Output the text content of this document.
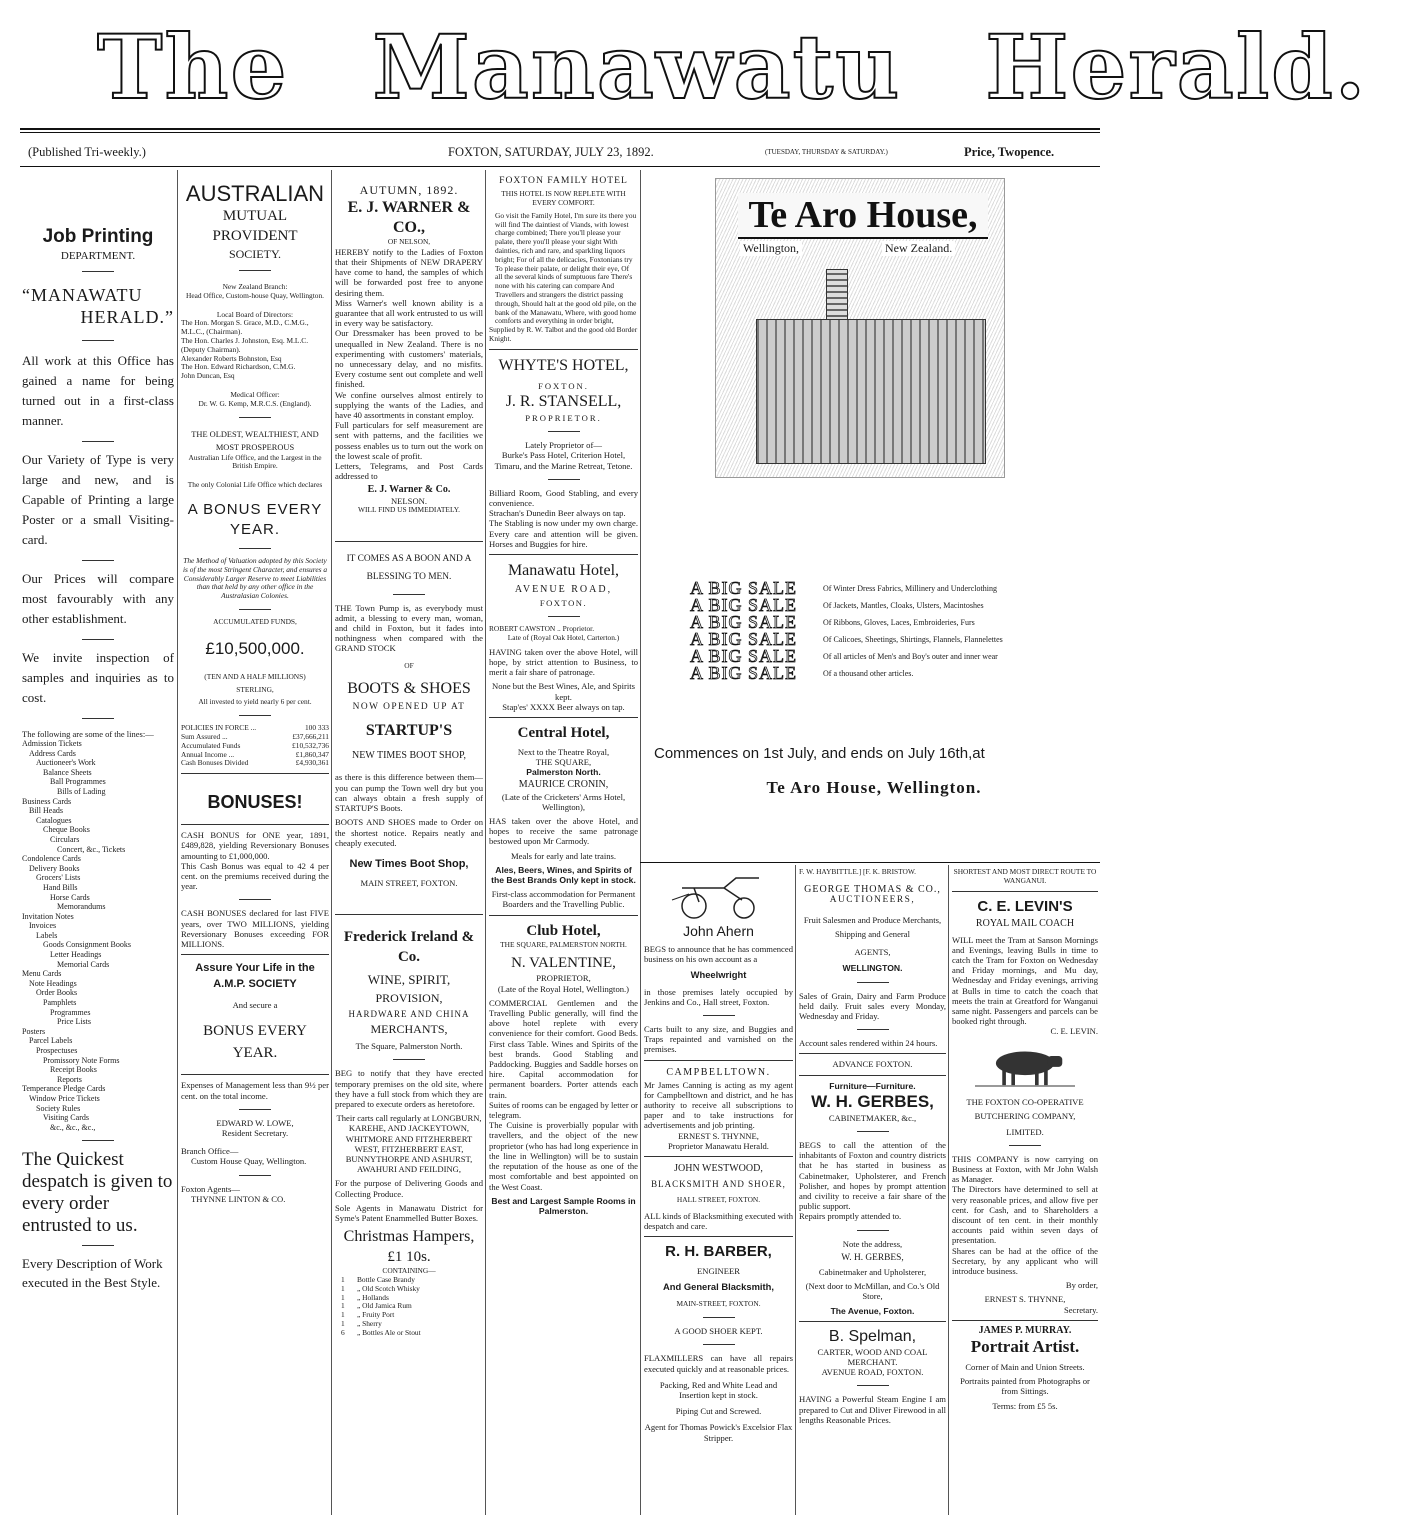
The Manawatu Herald.
(Published Tri-weekly.)	FOXTON, SATURDAY, JULY 23, 1892.	(TUESDAY, THURSDAY & SATURDAY.)	Price, Twopence.
Job Printing
DEPARTMENT.
“MANAWATU
HERALD.”

All work at this Office has gained a name for being turned out in a first-class manner.

Our Variety of Type is very large and new, and is Capable of Printing a large Poster or a small Visiting-card.

Our Prices will compare most favourably with any other establishment.

We invite inspection of samples and inquiries as to cost.

The following are some of the lines:—
Admission Tickets
Address Cards
Auctioneer's Work
Balance Sheets
Ball Programmes
Bills of Lading
Business Cards
Bill Heads
Catalogues
Cheque Books
Circulars
Concert, &c., Tickets
Condolence Cards
Delivery Books
Grocers' Lists
Hand Bills
Horse Cards
Memorandums
Invitation Notes
Invoices
Labels
Goods Consignment Books
Letter Headings
Memorial Cards
Menu Cards
Note Headings
Order Books
Pamphlets
Programmes
Price Lists
Posters
Parcel Labels
Prospectuses
Promissory Note Forms
Receipt Books
Reports
Temperance Pledge Cards
Window Price Tickets
Society Rules
Visiting Cards
&c., &c., &c.,
The Quickest despatch is given to every order entrusted to us.
Every Description of Work executed in the Best Style.
AUSTRALIAN
MUTUAL PROVIDENT
SOCIETY.
New Zealand Branch:
Head Office, Custom-house Quay, Wellington.
Local Board of Directors:
The Hon. Morgan S. Grace, M.D., C.M.G., M.L.C., (Chairman).
The Hon. Charles J. Johnston, Esq. M.L.C. (Deputy Chairman).
Alexander Roberts Bohnston, Esq
The Hon. Edward Richardson, C.M.G.
John Duncan, Esq
Medical Officer:
Dr. W. G. Kemp, M.R.C.S. (England).
THE OLDEST, WEALTHIEST, AND MOST PROSPEROUS
Australian Life Office, and the Largest in the British Empire.
The only Colonial Life Office which declares
A BONUS EVERY YEAR.
The Method of Valuation adopted by this Society is of the most Stringent Character, and ensures a Considerably Larger Reserve to meet Liabilities than that held by any other office in the Australasian Colonies.
ACCUMULATED FUNDS,
£10,500,000.
(TEN AND A HALF MILLIONS)
STERLING,
All invested to yield nearly 6 per cent.
POLICIES IN FORCE ...	100 333
Sum Assured ...	£37,666,211
Accumulated Funds	£10,532,736
Annual Income ...	£1,860,347
Cash Bonuses Divided	£4,930,361
BONUSES!
CASH BONUS for ONE year, 1891, £489,828, yielding Reversionary Bonuses amounting to £1,000,000.
This Cash Bonus was equal to 42 4 per cent. on the premiums received during the year.
CASH BONUSES declared for last FIVE years, over TWO MILLIONS, yielding Reversionary Bonuses exceeding FOR MILLIONS.
Assure Your Life in the A.M.P. SOCIETY
And secure a
BONUS EVERY YEAR.
Expenses of Management less than 9½ per cent. on the total income.
EDWARD W. LOWE,
Resident Secretary.
Branch Office—
Custom House Quay, Wellington.
Foxton Agents—
THYNNE LINTON & CO.
AUTUMN, 1892.
E. J. WARNER & CO.,
OF NELSON,
HEREBY notify to the Ladies of Foxton that their Shipments of NEW DRAPERY have come to hand, the samples of which will be forwarded post free to anyone desiring them.
Miss Warner's well known ability is a guarantee that all work entrusted to us will in every way be satisfactory.
Our Dressmaker has been proved to be unequalled in New Zealand. There is no experimenting with customers' materials, no unnecessary delay, and no misfits. Every costume sent out complete and well finished.
We confine ourselves almost entirely to supplying the wants of the Ladies, and have 40 assortments in constant employ.
Full particulars for self measurement are sent with patterns, and the facilities we possess enables us to turn out the work on the lowest scale of profit.
Letters, Telegrams, and Post Cards addressed to
E. J. Warner & Co.
NELSON.
WILL FIND US IMMEDIATELY.
IT COMES AS A BOON AND A BLESSING TO MEN.
THE Town Pump is, as everybody must admit, a blessing to every man, woman, and child in Foxton, but it fades into nothingness when compared with the GRAND STOCK
OF
BOOTS & SHOES
NOW OPENED UP AT
STARTUP'S
NEW TIMES BOOT SHOP,
as there is this difference between them—you can pump the Town well dry but you can always obtain a fresh supply of STARTUP'S Boots.
BOOTS AND SHOES made to Order on the shortest notice. Repairs neatly and cheaply executed.
New Times Boot Shop,
MAIN STREET, FOXTON.
Frederick Ireland & Co.
WINE, SPIRIT,
PROVISION,
HARDWARE AND CHINA
MERCHANTS,
The Square, Palmerston North.
BEG to notify that they have erected temporary premises on the old site, where they have a full stock from which they are prepared to execute orders as heretofore.
Their carts call regularly at LONGBURN, KAREHE, AND JACKEYTOWN, WHITMORE AND FITZHERBERT WEST, FITZHERBERT EAST, BUNNYTHORPE AND ASHURST, AWAHURI AND FEILDING,
For the purpose of Delivering Goods and Collecting Produce.
Sole Agents in Manawatu District for Syme's Patent Enammelled Butter Boxes.
Christmas Hampers,
£1 10s.
CONTAINING—
1	Bottle Case Brandy
1	„ Old Scotch Whisky
1	„ Hollands
1	„ Old Jamica Rum
1	„ Fruity Port
1	„ Sherry
6	„ Bottles Ale or Stout
FOXTON FAMILY HOTEL
THIS HOTEL IS NOW REPLETE WITH EVERY COMFORT.
Go visit the Family Hotel, I'm sure its there you will find The daintiest of Viands, with lowest charge combined; There you'll please your palate, there you'll please your sight With dainties, rich and rare, and sparkling liquors bright; For of all the delicacies, Foxtonians try To please their palate, or delight their eye, Of all the several kinds of sumptuous fare There's none with his catering can compare And Travellers and strangers the district passing through, Should halt at the good old pile, on the bank of the Manawatu, Where, with good home comforts and everything in order bright,
Supplied by R. W. Talbot and the good old Border Knight.
WHYTE'S HOTEL,
FOXTON.
J. R. STANSELL,
PROPRIETOR.
Lately Proprietor of—
Burke's Pass Hotel, Criterion Hotel, Timaru, and the Marine Retreat, Tetone.
Billiard Room, Good Stabling, and every convenience.
Strachan's Dunedin Beer always on tap.
The Stabling is now under my own charge. Every care and attention will be given. Horses and Buggies for hire.
Manawatu Hotel,
AVENUE ROAD,
FOXTON.
ROBERT CAWSTON .. Proprietor.
Late of (Royal Oak Hotel, Carterton.)
HAVING taken over the above Hotel, will hope, by strict attention to Business, to merit a fair share of patronage.
None but the Best Wines, Ale, and Spirits kept.
Stap'es' XXXX Beer always on tap.
Central Hotel,
Next to the Theatre Royal,
THE SQUARE,
Palmerston North.
MAURICE CRONIN,
(Late of the Cricketers' Arms Hotel, Wellington),
HAS taken over the above Hotel, and hopes to receive the same patronage bestowed upon Mr Carmody.
Meals for early and late trains.
Ales, Beers, Wines, and Spirits of the Best Brands Only kept in stock.
First-class accommodation for Permanent Boarders and the Travelling Public.
Club Hotel,
THE SQUARE, PALMERSTON NORTH.
N. VALENTINE,
PROPRIETOR,
(Late of the Royal Hotel, Wellington.)
COMMERCIAL Gentlemen and the Travelling Public generally, will find the above hotel replete with every convenience for their comfort. Good Beds. First class Table. Wines and Spirits of the best brands. Good Stabling and Paddocking. Buggies and Saddle horses on hire. Capital accommodation for permanent boarders. Porter attends each train.
Suites of rooms can be engaged by letter or telegram.
The Cuisine is proverbially popular with travellers, and the object of the new proprietor (who has had long experience in the line in Wellington) will be to sustain the reputation of the house as one of the most comfortable and best appointed on the West Coast.
Best and Largest Sample Rooms in Palmerston.
Te Aro House,
Wellington,	New Zealand.
A BIG SALE	Of Winter Dress Fabrics, Millinery and Underclothing
A BIG SALE	Of Jackets, Mantles, Cloaks, Ulsters, Macintoshes
A BIG SALE	Of Ribbons, Gloves, Laces, Embroideries, Furs
A BIG SALE	Of Calicoes, Sheetings, Shirtings, Flannels, Flannelettes
A BIG SALE	Of all articles of Men's and Boy's outer and inner wear
A BIG SALE	Of a thousand other articles.
Commences on 1st July, and ends on July 16th,at
Te Aro House, Wellington.
John Ahern
BEGS to announce that he has commenced business on his own account as a
Wheelwright
in those premises lately occupied by Jenkins and Co., Hall street, Foxton.
Carts built to any size, and Buggies and Traps repainted and varnished on the premises.
CAMPBELLTOWN.
Mr James Canning is acting as my agent for Campbelltown and district, and he has authority to receive all subscriptions to paper and to take instructions for advertisements and job printing.
ERNEST S. THYNNE,
Proprietor Manawatu Herald.
JOHN WESTWOOD,
BLACKSMITH AND SHOER,
HALL STREET, FOXTON.
ALL kinds of Blacksmithing executed with despatch and care.
R. H. BARBER,
ENGINEER
And General Blacksmith,
MAIN-STREET, FOXTON.
A GOOD SHOER KEPT.
FLAXMILLERS can have all repairs executed quickly and at reasonable prices.
Packing, Red and White Lead and Insertion kept in stock.
Piping Cut and Screwed.
Agent for Thomas Powick's Excelsior Flax Stripper.
F. W. HAYBITTLE.] [F. K. BRISTOW.
GEORGE THOMAS & CO.,
AUCTIONEERS,
Fruit Salesmen and Produce Merchants, Shipping and General
AGENTS,
WELLINGTON.
Sales of Grain, Dairy and Farm Produce held daily. Fruit sales every Monday, Wednesday and Friday.
Account sales rendered within 24 hours.
ADVANCE FOXTON.
Furniture—Furniture.
W. H. GERBES,
CABINETMAKER, &c.,
BEGS to call the attention of the inhabitants of Foxton and country districts that he has started in business as Cabinetmaker, Upholsterer, and French Polisher, and hopes by prompt attention and civility to receive a fair share of the public support.
Repairs promptly attended to.
Note the address,
W. H. GERBES,
Cabinetmaker and Upholsterer,
(Next door to McMillan, and Co.'s Old Store,
The Avenue, Foxton.
B. Spelman,
CARTER, WOOD AND COAL MERCHANT.
AVENUE ROAD, FOXTON.
HAVING a Powerful Steam Engine I am prepared to Cut and Dliver Firewood in all lengths Reasonable Prices.
SHORTEST AND MOST DIRECT ROUTE TO WANGANUI.
C. E. LEVIN'S
ROYAL MAIL COACH
WILL meet the Tram at Sanson Mornings and Evenings, leaving Bulls in time to catch the Tram for Foxton on Wednesday and Friday mornings, and Mu day, Wednesday and Friday evenings, arriving at Bulls in time to catch the coach that meets the train at Greatford for Wanganui same night. Passengers and parcels can be booked right through.
C. E. LEVIN.
THE FOXTON CO-OPERATIVE BUTCHERING COMPANY,
LIMITED.
THIS COMPANY is now carrying on Business at Foxton, with Mr John Walsh as Manager.
The Directors have determined to sell at very reasonable prices, and allow five per cent. for Cash, and to Shareholders a discount of ten cent. in their monthly accounts paid within seven days of presentation.
Shares can be had at the office of the Secretary, by any applicant who will introduce business.
By order,
ERNEST S. THYNNE,
Secretary.
JAMES P. MURRAY.
Portrait Artist.
Corner of Main and Union Streets.
Portraits painted from Photographs or from Sittings.
Terms: from £5 5s.
